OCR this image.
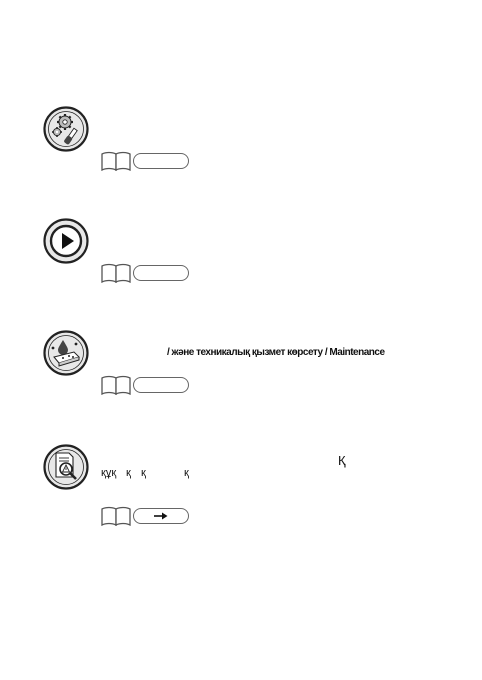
/ және техникалық қызмет көрсету / Maintenance
Қ
құқ қ қ	қ
